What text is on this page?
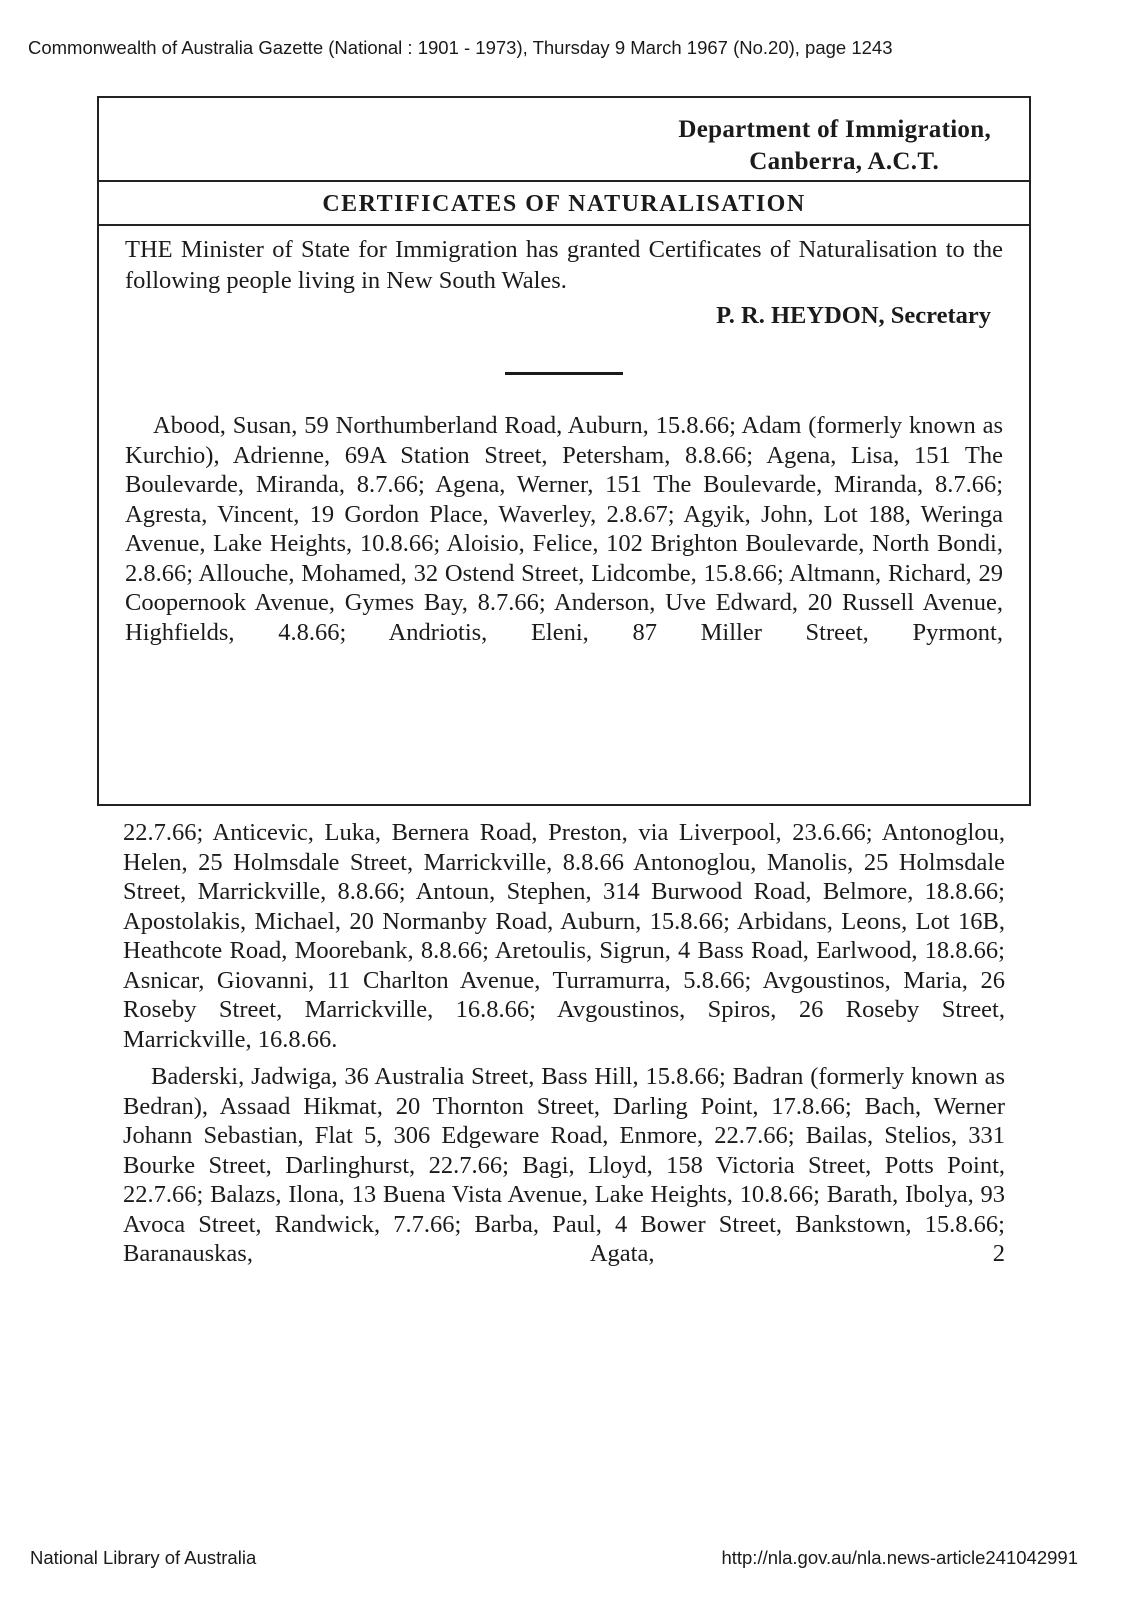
Commonwealth of Australia Gazette (National : 1901 - 1973), Thursday 9 March 1967 (No.20), page 1243
Department of Immigration,
Canberra, A.C.T.
CERTIFICATES OF NATURALISATION
THE Minister of State for Immigration has granted Certificates of Naturalisation to the following people living in New South Wales.
P. R. HEYDON, Secretary

Abood, Susan, 59 Northumberland Road, Auburn, 15.8.66; Adam (formerly known as Kurchio), Adrienne, 69A Station Street, Petersham, 8.8.66; Agena, Lisa, 151 The Boulevarde, Miranda, 8.7.66; Agena, Werner, 151 The Boulevarde, Miranda, 8.7.66; Agresta, Vincent, 19 Gordon Place, Waverley, 2.8.67; Agyik, John, Lot 188, Weringa Avenue, Lake Heights, 10.8.66; Aloisio, Felice, 102 Brighton Boulevarde, North Bondi, 2.8.66; Allouche, Mohamed, 32 Ostend Street, Lidcombe, 15.8.66; Altmann, Richard, 29 Coopernook Avenue, Gymes Bay, 8.7.66; Anderson, Uve Edward, 20 Russell Avenue, Highfields, 4.8.66; Andriotis, Eleni, 87 Miller Street, Pyrmont,

22.7.66; Anticevic, Luka, Bernera Road, Preston, via Liverpool, 23.6.66; Antonoglou, Helen, 25 Holmsdale Street, Marrickville, 8.8.66 Antonoglou, Manolis, 25 Holmsdale Street, Marrickville, 8.8.66; Antoun, Stephen, 314 Burwood Road, Belmore, 18.8.66; Apostolakis, Michael, 20 Normanby Road, Auburn, 15.8.66; Arbidans, Leons, Lot 16B, Heathcote Road, Moorebank, 8.8.66; Aretoulis, Sigrun, 4 Bass Road, Earlwood, 18.8.66; Asnicar, Giovanni, 11 Charlton Avenue, Turramurra, 5.8.66; Avgoustinos, Maria, 26 Roseby Street, Marrickville, 16.8.66; Avgoustinos, Spiros, 26 Roseby Street, Marrickville, 16.8.66.

Baderski, Jadwiga, 36 Australia Street, Bass Hill, 15.8.66; Badran (formerly known as Bedran), Assaad Hikmat, 20 Thornton Street, Darling Point, 17.8.66; Bach, Werner Johann Sebastian, Flat 5, 306 Edgeware Road, Enmore, 22.7.66; Bailas, Stelios, 331 Bourke Street, Darlinghurst, 22.7.66; Bagi, Lloyd, 158 Victoria Street, Potts Point, 22.7.66; Balazs, Ilona, 13 Buena Vista Avenue, Lake Heights, 10.8.66; Barath, Ibolya, 93 Avoca Street, Randwick, 7.7.66; Barba, Paul, 4 Bower Street, Bankstown, 15.8.66; Baranauskas, Agata, 2

National Library of Australia	http://nla.gov.au/nla.news-article241042991
